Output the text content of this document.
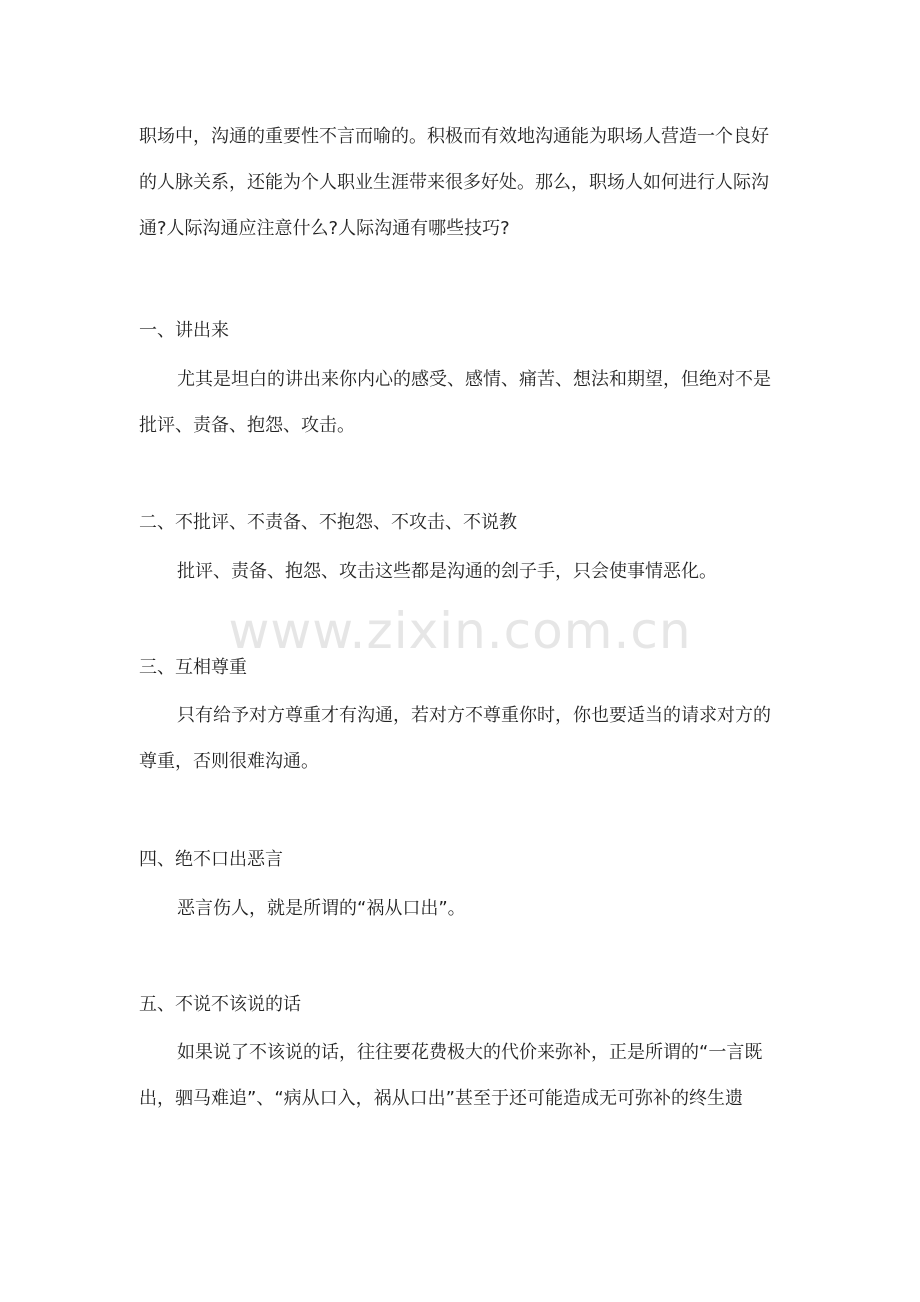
职场中，沟通的重要性不言而喻的。积极而有效地沟通能为职场人营造一个良好的人脉关系，还能为个人职业生涯带来很多好处。那么，职场人如何进行人际沟通?人际沟通应注意什么?人际沟通有哪些技巧?

一、讲出来

尤其是坦白的讲出来你内心的感受、感情、痛苦、想法和期望，但绝对不是批评、责备、抱怨、攻击。

二、不批评、不责备、不抱怨、不攻击、不说教

批评、责备、抱怨、攻击这些都是沟通的刽子手，只会使事情恶化。

三、互相尊重

只有给予对方尊重才有沟通，若对方不尊重你时，你也要适当的请求对方的尊重，否则很难沟通。

四、绝不口出恶言

恶言伤人，就是所谓的“祸从口出”。

五、不说不该说的话

如果说了不该说的话，往往要花费极大的代价来弥补，正是所谓的“一言既出，驷马难追”、“病从口入，祸从口出”甚至于还可能造成无可弥补的终生遗

www.zixin.com.cn
